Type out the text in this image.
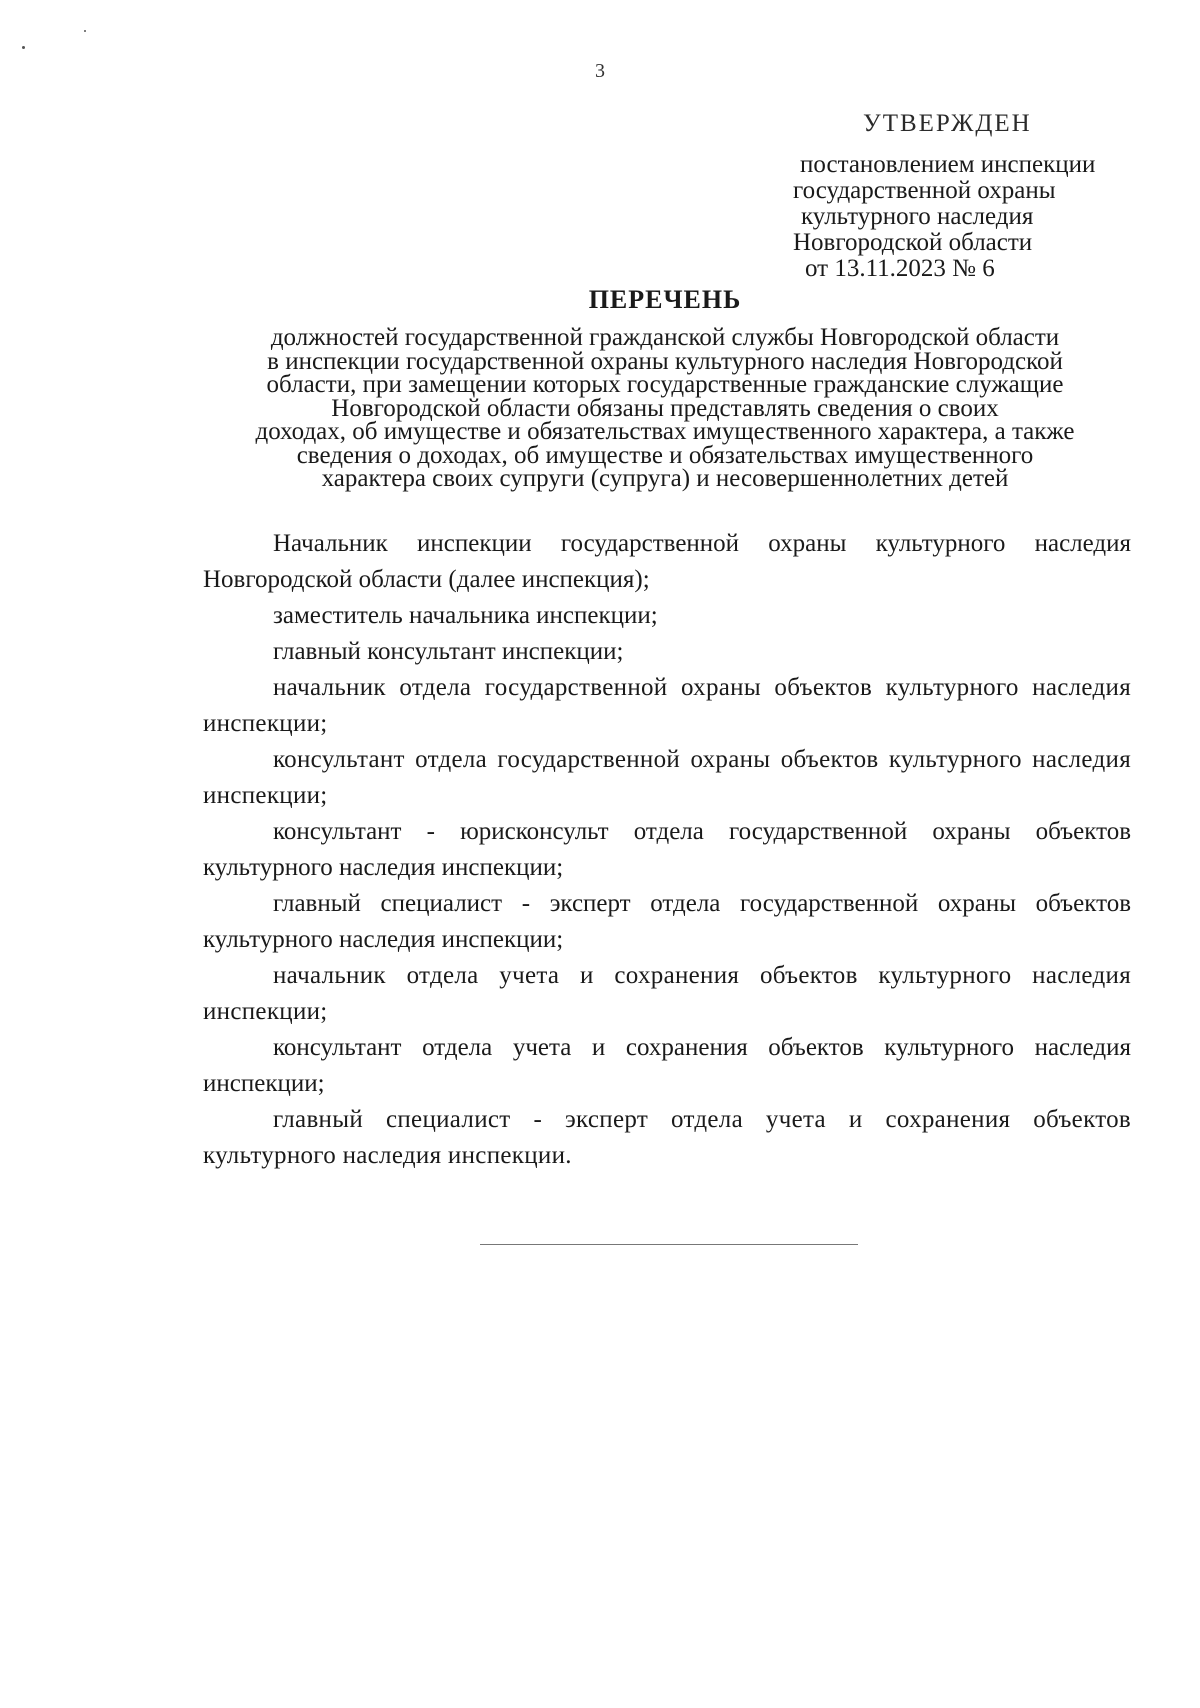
3
УТВЕРЖДЕН
постановлением инспекции
государственной охраны
культурного наследия
Новгородской области
от 13.11.2023 № 6
ПЕРЕЧЕНЬ
должностей государственной гражданской службы Новгородской области
в инспекции государственной охраны культурного наследия Новгородской
области, при замещении которых государственные гражданские служащие
Новгородской области обязаны представлять сведения о своих
доходах, об имуществе и обязательствах имущественного характера, а также
сведения о доходах, об имуществе и обязательствах имущественного
характера своих супруги (супруга) и несовершеннолетних детей
Начальник инспекции государственной охраны культурного наследия Новгородской области (далее инспекция);
заместитель начальника инспекции;
главный консультант инспекции;
начальник отдела государственной охраны объектов культурного наследия инспекции;
консультант отдела государственной охраны объектов культурного наследия инспекции;
консультант - юрисконсульт отдела государственной охраны объектов культурного наследия инспекции;
главный специалист - эксперт отдела государственной охраны объектов культурного наследия инспекции;
начальник отдела учета и сохранения объектов культурного наследия инспекции;
консультант отдела учета и сохранения объектов культурного наследия инспекции;
главный специалист - эксперт отдела учета и сохранения объектов культурного наследия инспекции.
